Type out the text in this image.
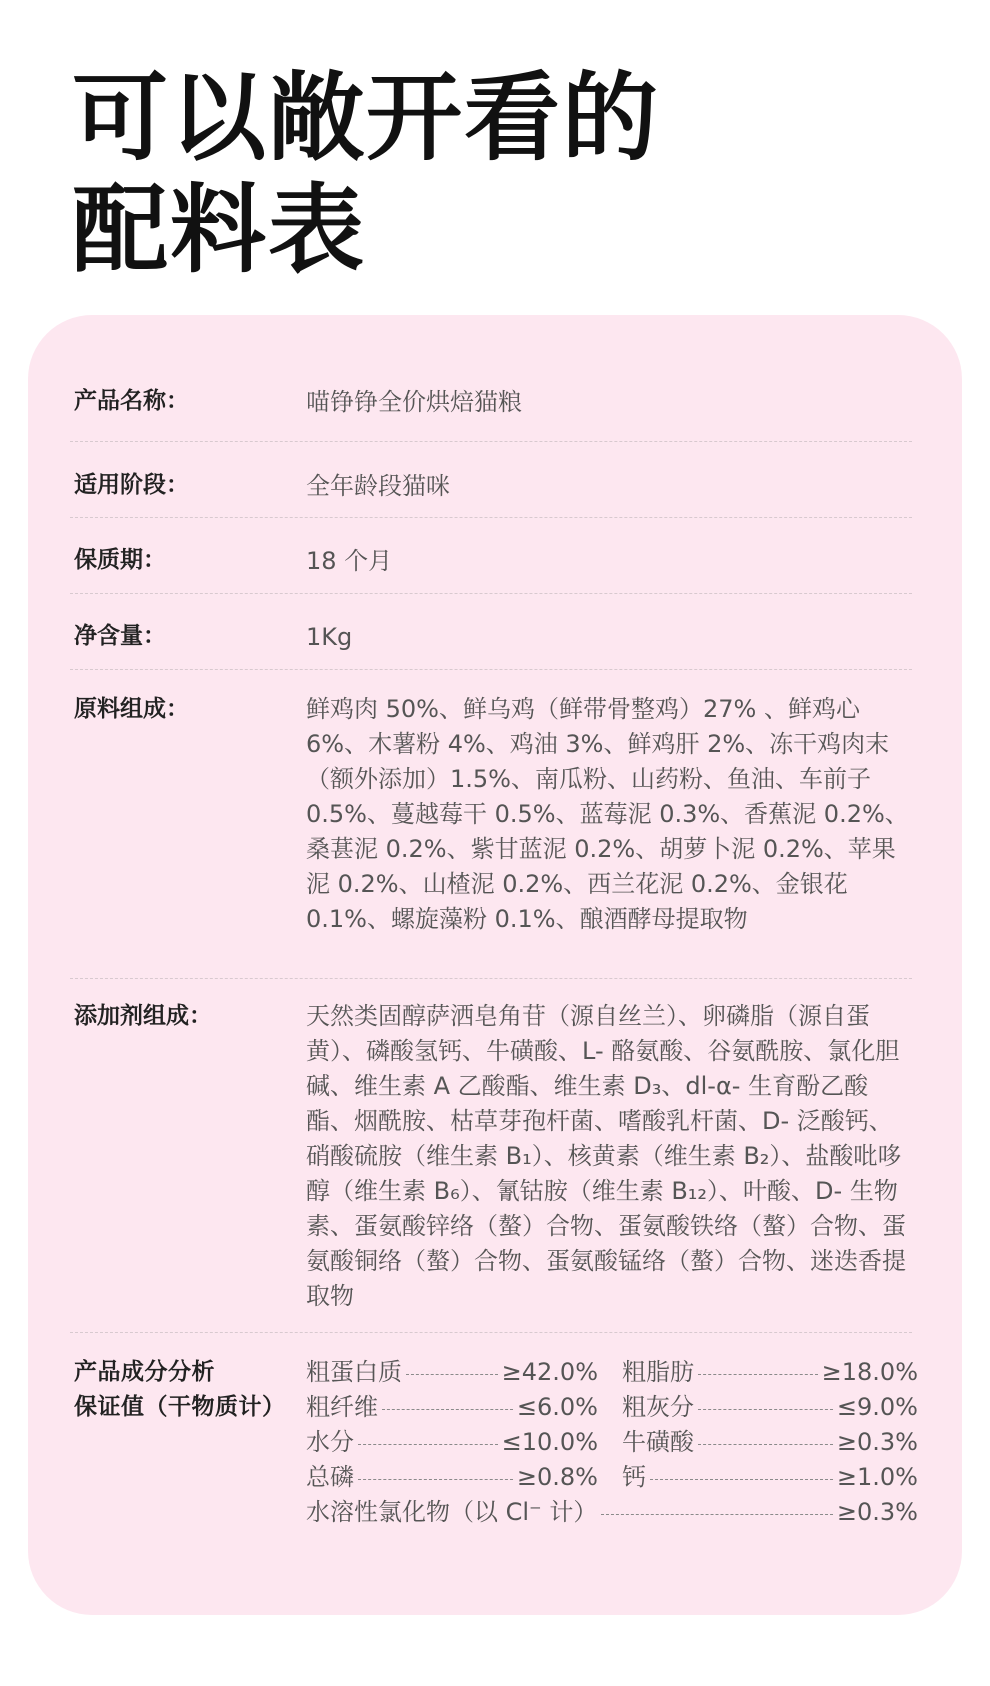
可以敞开看的
配料表
产品名称：	喵铮铮全价烘焙猫粮
适用阶段：	全年龄段猫咪
保质期：	18 个月
净含量：	1Kg
原料组成：	鲜鸡肉 50%、鲜乌鸡（鲜带骨整鸡）27% 、鲜鸡心 6%、木薯粉 4%、鸡油 3%、鲜鸡肝 2%、冻干鸡肉末（额外添加）1.5%、南瓜粉、山药粉、鱼油、车前子 0.5%、蔓越莓干 0.5%、蓝莓泥 0.3%、香蕉泥 0.2%、桑葚泥 0.2%、紫甘蓝泥 0.2%、胡萝卜泥 0.2%、苹果泥 0.2%、山楂泥 0.2%、西兰花泥 0.2%、金银花 0.1%、螺旋藻粉 0.1%、酿酒酵母提取物
添加剂组成：	天然类固醇萨洒皂角苷（源自丝兰）、卵磷脂（源自蛋黄）、磷酸氢钙、牛磺酸、L- 酪氨酸、谷氨酰胺、氯化胆碱、维生素 A 乙酸酯、维生素 D₃、dl-α- 生育酚乙酸酯、烟酰胺、枯草芽孢杆菌、嗜酸乳杆菌、D- 泛酸钙、硝酸硫胺（维生素 B₁）、核黄素（维生素 B₂）、盐酸吡哆醇（维生素 B₆）、氰钴胺（维生素 B₁₂）、叶酸、D- 生物素、蛋氨酸锌络（螯）合物、蛋氨酸铁络（螯）合物、蛋氨酸铜络（螯）合物、蛋氨酸锰络（螯）合物、迷迭香提取物
产品成分分析
保证值（干物质计）
粗蛋白质	≥42.0% 粗脂肪	≥18.0%
粗纤维	≤6.0% 粗灰分	≤9.0%
水分	≤10.0% 牛磺酸	≥0.3%
总磷	≥0.8% 钙	≥1.0%
水溶性氯化物（以 Cl⁻ 计）	≥0.3%
